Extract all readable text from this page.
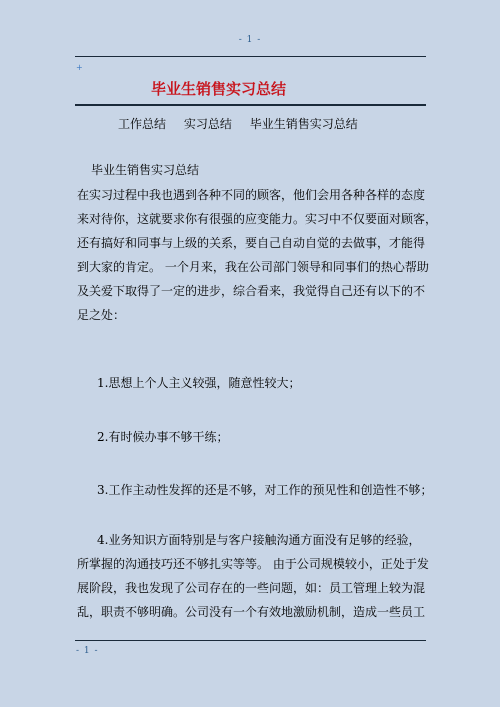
- 1 -
+
毕业生销售实习总结
工作总结 实习总结 毕业生销售实习总结
毕业生销售实习总结
在实习过程中我也遇到各种不同的顾客，他们会用各种各样的态度
来对待你，这就要求你有很强的应变能力。实习中不仅要面对顾客，
还有搞好和同事与上级的关系，要自己自动自觉的去做事，才能得
到大家的肯定。 一个月来，我在公司部门领导和同事们的热心帮助
及关爱下取得了一定的进步，综合看来，我觉得自己还有以下的不
足之处：
1.思想上个人主义较强，随意性较大；
2.有时候办事不够干练；
3.工作主动性发挥的还是不够，对工作的预见性和创造性不够；
4.业务知识方面特别是与客户接触沟通方面没有足够的经验，
所掌握的沟通技巧还不够扎实等等。 由于公司规模较小，正处于发
展阶段，我也发现了公司存在的一些问题，如：员工管理上较为混
乱，职责不够明确。公司没有一个有效地激励机制，造成一些员工
- 1 -
